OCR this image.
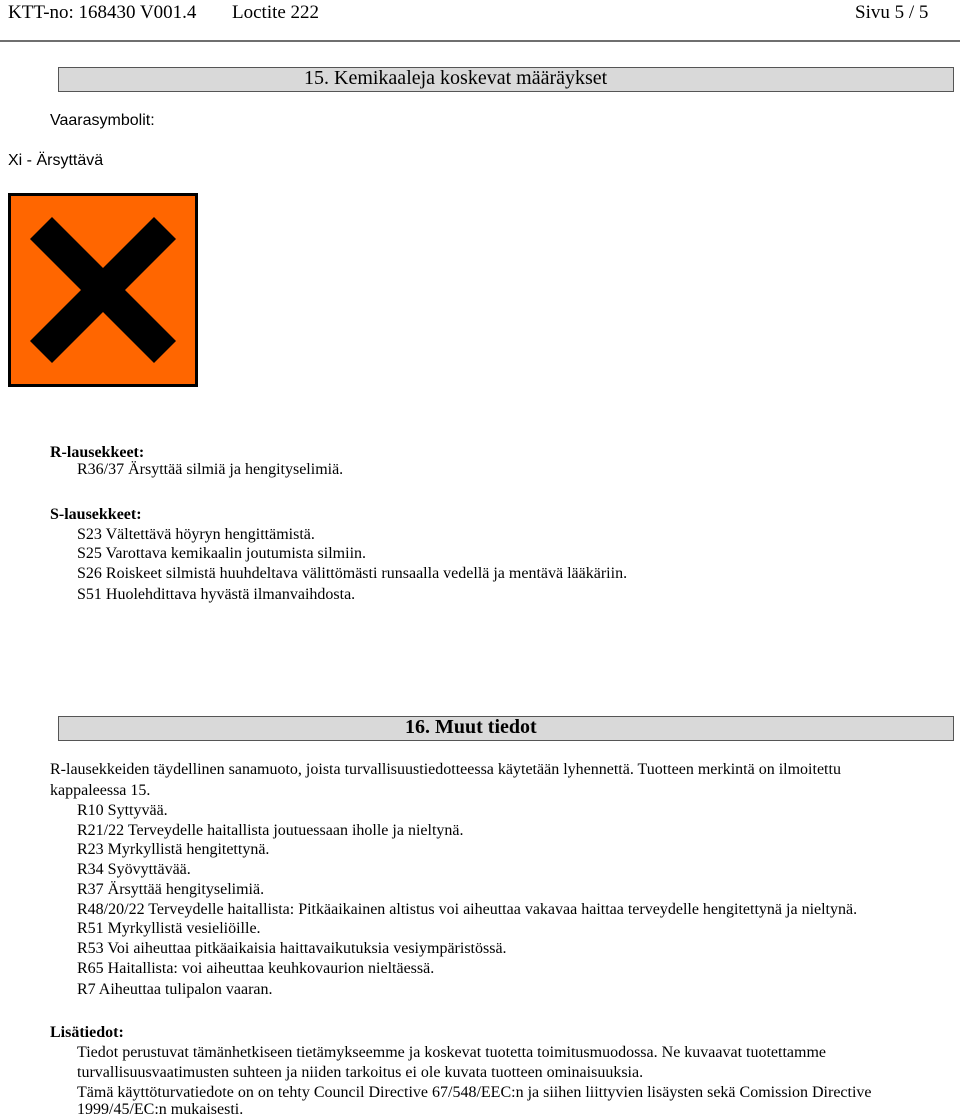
KTT-no: 168430 V001.4 Loctite 222	Sivu 5 / 5
15. Kemikaaleja koskevat määräykset
Vaarasymbolit:
Xi - Ärsyttävä
R-lausekkeet:
R36/37 Ärsyttää silmiä ja hengityselimiä.
S-lausekkeet:
S23 Vältettävä höyryn hengittämistä.
S25 Varottava kemikaalin joutumista silmiin.
S26 Roiskeet silmistä huuhdeltava välittömästi runsaalla vedellä ja mentävä lääkäriin.
S51 Huolehdittava hyvästä ilmanvaihdosta.
16. Muut tiedot
R-lausekkeiden täydellinen sanamuoto, joista turvallisuustiedotteessa käytetään lyhennettä. Tuotteen merkintä on ilmoitettu
kappaleessa 15.
R10 Syttyvää.
R21/22 Terveydelle haitallista joutuessaan iholle ja nieltynä.
R23 Myrkyllistä hengitettynä.
R34 Syövyttävää.
R37 Ärsyttää hengityselimiä.
R48/20/22 Terveydelle haitallista: Pitkäaikainen altistus voi aiheuttaa vakavaa haittaa terveydelle hengitettynä ja nieltynä.
R51 Myrkyllistä vesieliöille.
R53 Voi aiheuttaa pitkäaikaisia haittavaikutuksia vesiympäristössä.
R65 Haitallista: voi aiheuttaa keuhkovaurion nieltäessä.
R7 Aiheuttaa tulipalon vaaran.
Lisätiedot:
Tiedot perustuvat tämänhetkiseen tietämykseemme ja koskevat tuotetta toimitusmuodossa. Ne kuvaavat tuotettamme
turvallisuusvaatimusten suhteen ja niiden tarkoitus ei ole kuvata tuotteen ominaisuuksia.
Tämä käyttöturvatiedote on on tehty Council Directive 67/548/EEC:n ja siihen liittyvien lisäysten sekä Comission Directive
1999/45/EC:n mukaisesti.
